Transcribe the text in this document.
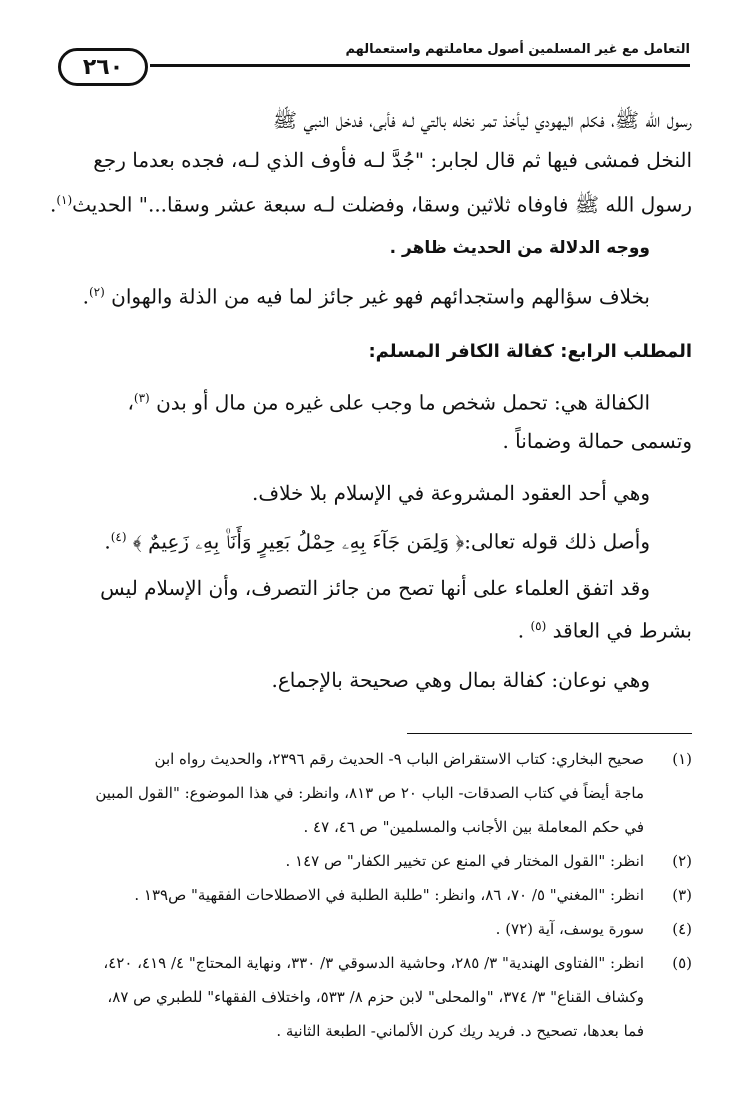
التعامل مع غير المسلمين أصول معاملتهم واستعمالهم
٢٦٠

رسول الله ﷺ، فكلم اليهودي ليأخذ تمر نخله بالتي لـه فأبى، فدخل النبي ﷺ

النخل فمشى فيها ثم قال لجابر: "جُدَّ لـه فأوف الذي لـه، فجده بعدما رجع

رسول الله ﷺ فاوفاه ثلاثين وسقا، وفضلت لـه سبعة عشر وسقا..." الحديث$^{(١)}$.

ووجه الدلالة من الحديث ظاهر .

بخلاف سؤالهم واستجدائهم فهو غير جائز لما فيه من الذلة والهوان $^{(٢)}$.

المطلب الرابع: كفالة الكافر المسلم:

الكفالة هي: تحمل شخص ما وجب على غيره من مال أو بدن $^{(٣)}$،

وتسمى حمالة وضماناً .

وهي أحد العقود المشروعة في الإسلام بلا خلاف.

وأصل ذلك قوله تعالى:﴿ وَلِمَن جَآءَ بِهِۦ حِمْلُ بَعِيرٍ وَأَنَا۠ بِهِۦ زَعِيمٌ ﴾ $^{(٤)}$.

وقد اتفق العلماء على أنها تصح من جائز التصرف، وأن الإسلام ليس

بشرط في العاقد $^{(٥)}$ .

وهي نوعان: كفالة بمال وهي صحيحة بالإجماع.

(١)
صحيح البخاري: كتاب الاستقراض الباب ٩- الحديث رقم ٢٣٩٦، والحديث رواه ابن
ماجة أيضاً في كتاب الصدقات- الباب ٢٠ ص ٨١٣، وانظر: في هذا الموضوع: "القول المبين
في حكم المعاملة بين الأجانب والمسلمين" ص ٤٦، ٤٧ .
(٢)
انظر: "القول المختار في المنع عن تخيير الكفار" ص ١٤٧ .
(٣)
انظر: "المغني" ٥/ ٧٠، ٨٦، وانظر: "طلبة الطلبة في الاصطلاحات الفقهية" ص١٣٩ .
(٤)
سورة يوسف، آية (٧٢) .
(٥)
انظر: "الفتاوى الهندية" ٣/ ٢٨٥، وحاشية الدسوقي ٣/ ٣٣٠، ونهاية المحتاج" ٤/ ٤١٩، ٤٢٠،
وكشاف القناع" ٣/ ٣٧٤، "والمحلى" لابن حزم ٨/ ٥٣٣، واختلاف الفقهاء" للطبري ص ٨٧،
فما بعدها، تصحيح د. فريد ريك كرن الألماني- الطبعة الثانية .
